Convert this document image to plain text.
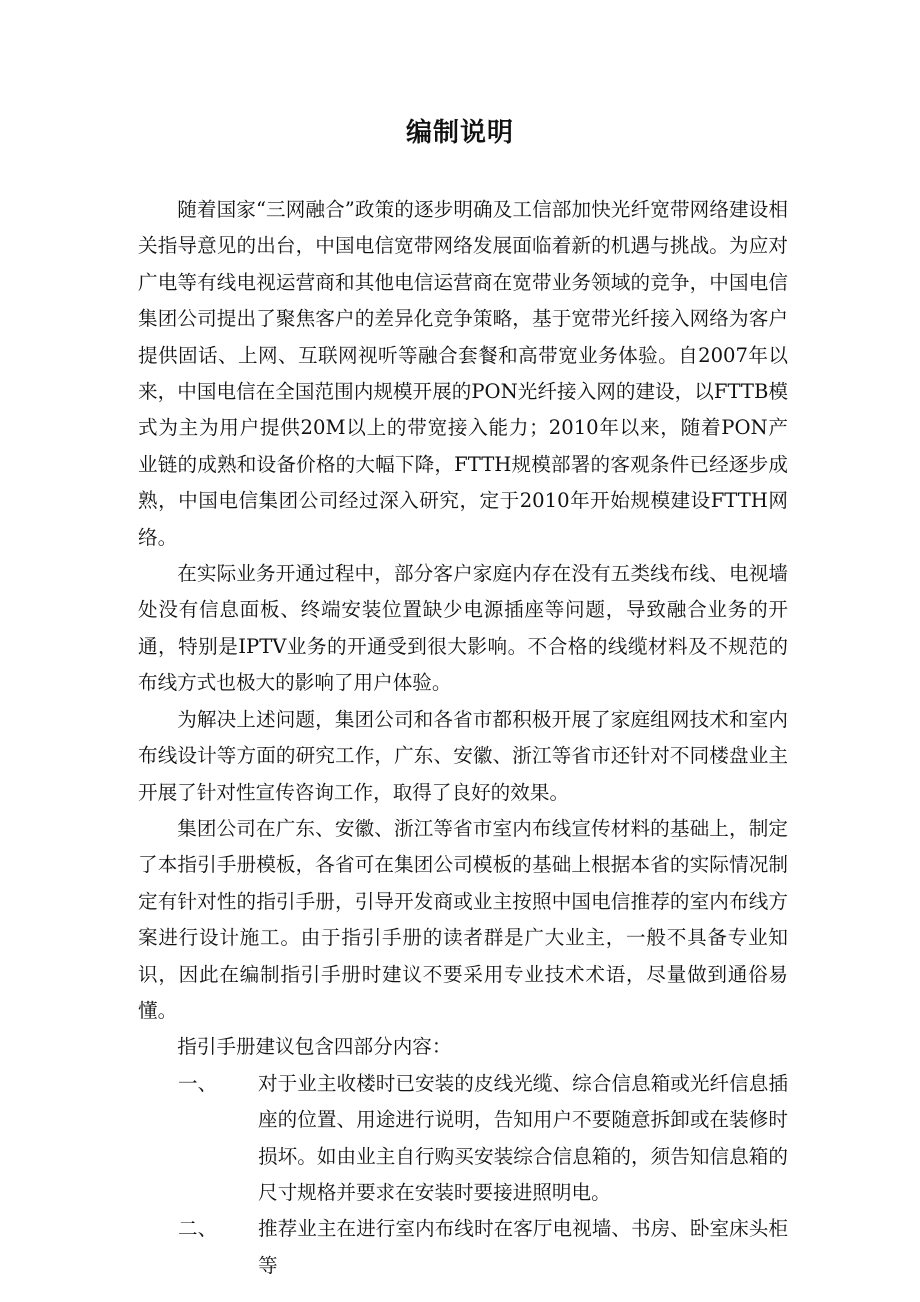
编制说明

随着国家“三网融合”政策的逐步明确及工信部加快光纤宽带网络建设相关指导意见的出台，中国电信宽带网络发展面临着新的机遇与挑战。为应对广电等有线电视运营商和其他电信运营商在宽带业务领域的竞争，中国电信集团公司提出了聚焦客户的差异化竞争策略，基于宽带光纤接入网络为客户提供固话、上网、互联网视听等融合套餐和高带宽业务体验。自2007年以来，中国电信在全国范围内规模开展的PON光纤接入网的建设，以FTTB模式为主为用户提供20M以上的带宽接入能力；2010年以来，随着PON产业链的成熟和设备价格的大幅下降，FTTH规模部署的客观条件已经逐步成熟，中国电信集团公司经过深入研究，定于2010年开始规模建设FTTH网络。

在实际业务开通过程中，部分客户家庭内存在没有五类线布线、电视墙处没有信息面板、终端安装位置缺少电源插座等问题，导致融合业务的开通，特别是IPTV业务的开通受到很大影响。不合格的线缆材料及不规范的布线方式也极大的影响了用户体验。

为解决上述问题，集团公司和各省市都积极开展了家庭组网技术和室内布线设计等方面的研究工作，广东、安徽、浙江等省市还针对不同楼盘业主开展了针对性宣传咨询工作，取得了良好的效果。

集团公司在广东、安徽、浙江等省市室内布线宣传材料的基础上，制定了本指引手册模板，各省可在集团公司模板的基础上根据本省的实际情况制定有针对性的指引手册，引导开发商或业主按照中国电信推荐的室内布线方案进行设计施工。由于指引手册的读者群是广大业主，一般不具备专业知识，因此在编制指引手册时建议不要采用专业技术术语，尽量做到通俗易懂。

指引手册建议包含四部分内容：

一、	对于业主收楼时已安装的皮线光缆、综合信息箱或光纤信息插座的位置、用途进行说明，告知用户不要随意拆卸或在装修时损坏。如由业主自行购买安装综合信息箱的，须告知信息箱的尺寸规格并要求在安装时要接进照明电。
二、	推荐业主在进行室内布线时在客厅电视墙、书房、卧室床头柜等
